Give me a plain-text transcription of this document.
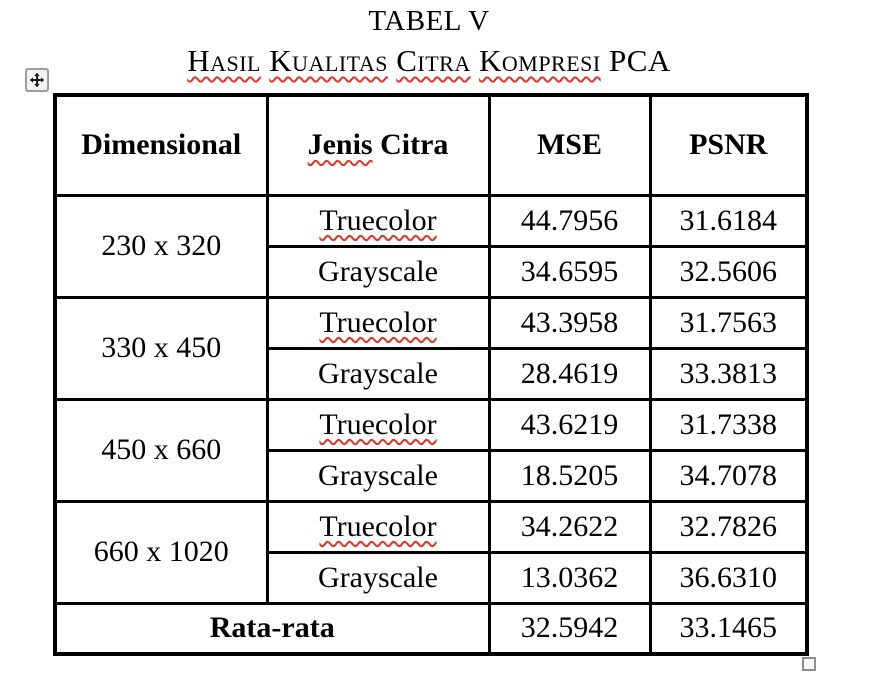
TABEL V
Hasil Kualitas Citra Kompresi PCA
Dimensional	Jenis Citra	MSE	PSNR
230 x 320	Truecolor	44.7956	31.6184
	Grayscale	34.6595	32.5606
330 x 450	Truecolor	43.3958	31.7563
	Grayscale	28.4619	33.3813
450 x 660	Truecolor	43.6219	31.7338
	Grayscale	18.5205	34.7078
660 x 1020	Truecolor	34.2622	32.7826
	Grayscale	13.0362	36.6310
Rata-rata		32.5942	33.1465
